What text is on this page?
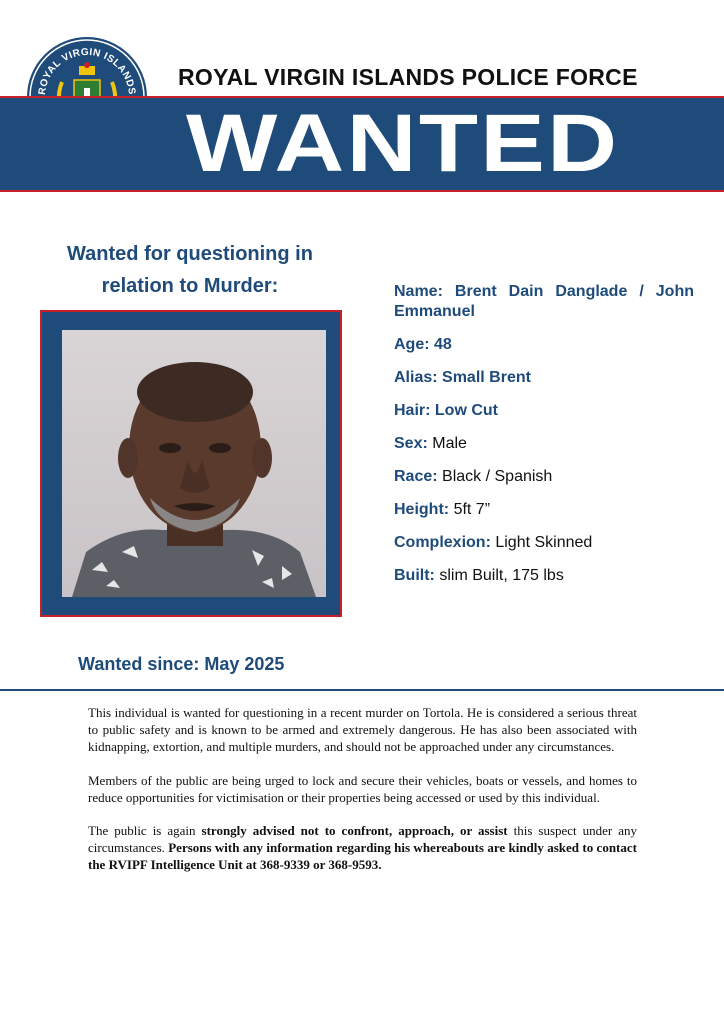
ROYAL VIRGIN ISLANDS
ROYAL VIRGIN ISLANDS POLICE FORCE
WANTED
Wanted for questioning in
relation to Murder:
Wanted since: May 2025
Name: Brent Dain Danglade / John Emmanuel
Age: 48
Alias: Small Brent
Hair: Low Cut
Sex: Male
Race: Black / Spanish
Height: 5ft 7”
Complexion: Light Skinned
Built: slim Built, 175 lbs

This individual is wanted for questioning in a recent murder on Tortola. He is considered a serious threat to public safety and is known to be armed and extremely dangerous. He has also been associated with kidnapping, extortion, and multiple murders, and should not be approached under any circumstances.

Members of the public are being urged to lock and secure their vehicles, boats or vessels, and homes to reduce opportunities for victimisation or their properties being accessed or used by this individual.

The public is again strongly advised not to confront, approach, or assist this suspect under any circumstances. Persons with any information regarding his whereabouts are kindly asked to contact the RVIPF Intelligence Unit at 368-9339 or 368-9593.
